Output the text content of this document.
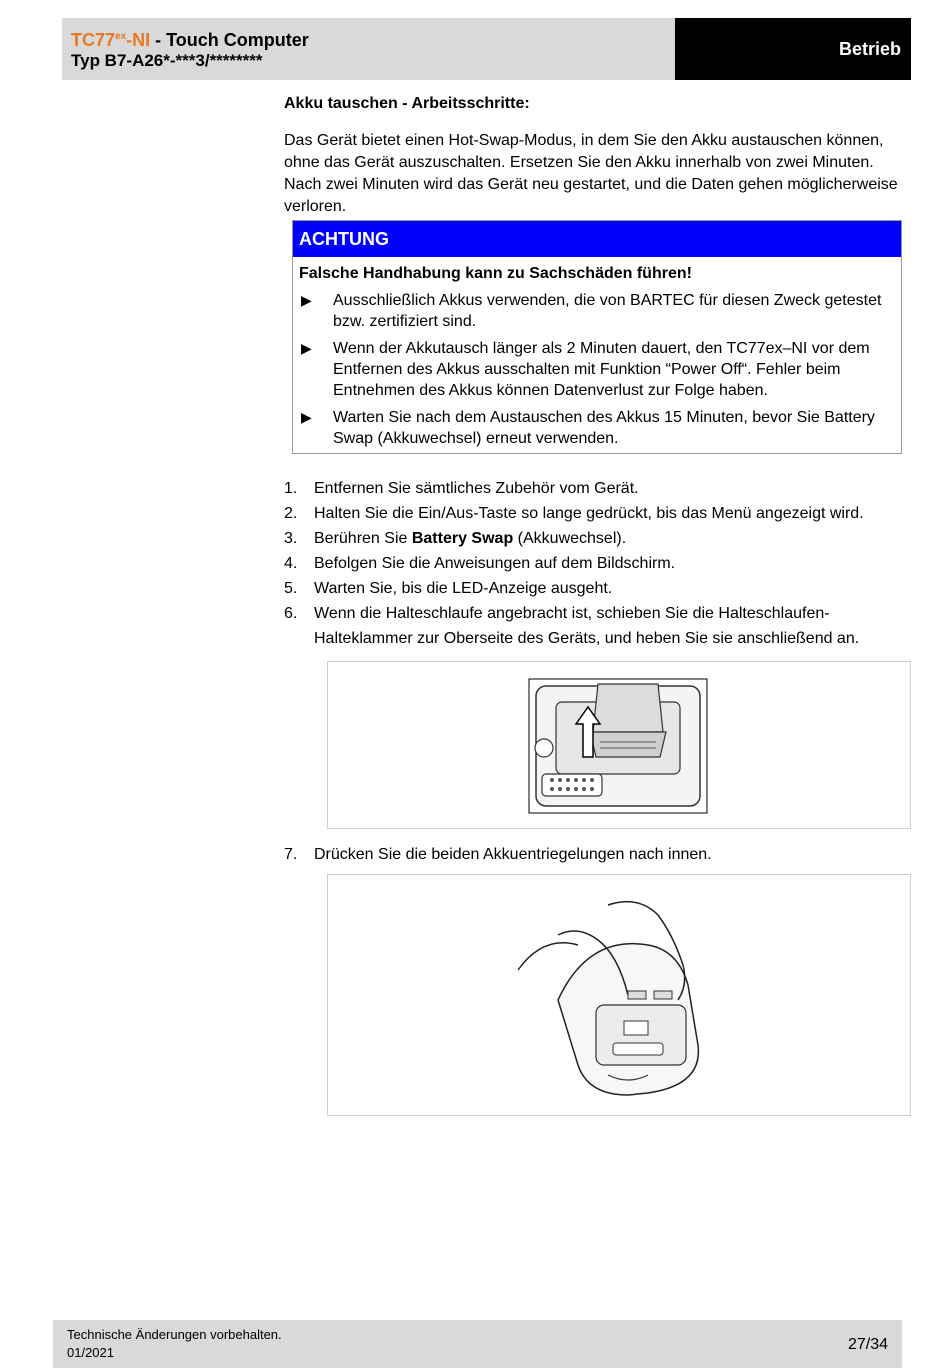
$TC77^{ex}-NI$ - Touch Computer
Typ B7-A26*-***3/********
Betrieb

Akku tauschen - Arbeitsschritte:

Das Gerät bietet einen Hot-Swap-Modus, in dem Sie den Akku austauschen können, ohne das Gerät auszuschalten. Ersetzen Sie den Akku innerhalb von zwei Minuten. Nach zwei Minuten wird das Gerät neu gestartet, und die Daten gehen möglicherweise verloren.

ACHTUNG
Falsche Handhabung kann zu Sachschäden führen!
▶ Ausschließlich Akkus verwenden, die von BARTEC für diesen Zweck getestet bzw. zertifiziert sind.
▶ Wenn der Akkutausch länger als 2 Minuten dauert, den TC77ex–NI vor dem Entfernen des Akkus ausschalten mit Funktion “Power Off“. Fehler beim Entnehmen des Akkus können Datenverlust zur Folge haben.
▶ Warten Sie nach dem Austauschen des Akkus 15 Minuten, bevor Sie Battery Swap (Akkuwechsel) erneut verwenden.
1. Entfernen Sie sämtliches Zubehör vom Gerät.
2. Halten Sie die Ein/Aus-Taste so lange gedrückt, bis das Menü angezeigt wird.
3. Berühren Sie Battery Swap (Akkuwechsel).
4. Befolgen Sie die Anweisungen auf dem Bildschirm.
5. Warten Sie, bis die LED-Anzeige ausgeht.
6. Wenn die Halteschlaufe angebracht ist, schieben Sie die Halteschlaufen-Halteklammer zur Oberseite des Geräts, und heben Sie sie anschließend an.
7. Drücken Sie die beiden Akkuentriegelungen nach innen.
Technische Änderungen vorbehalten.
01/2021	27/34
